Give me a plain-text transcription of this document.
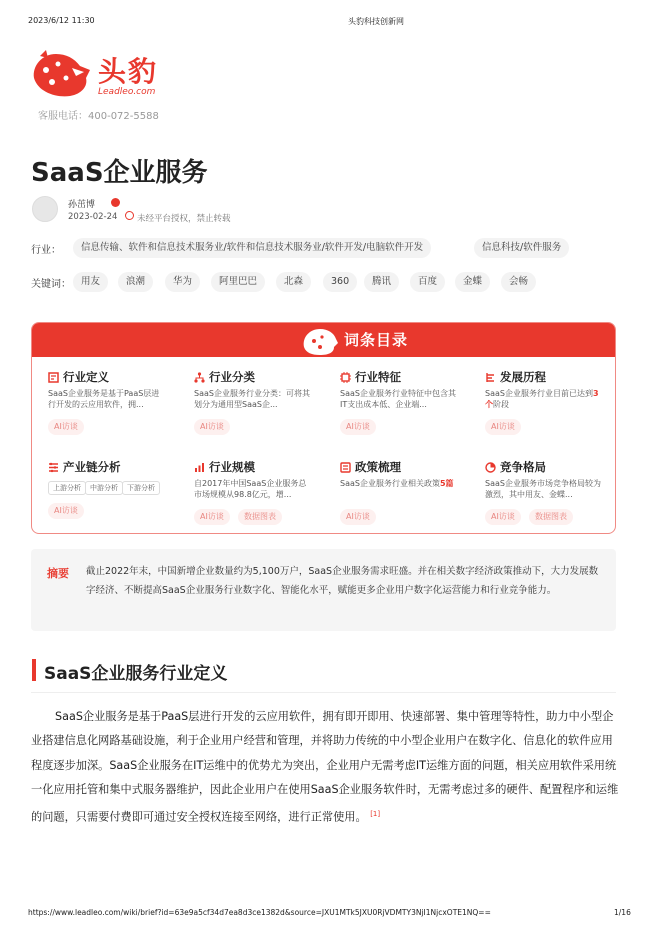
2023/6/12 11:30	头豹科技创新网
头豹
Leadleo.com
客服电话：400-072-5588
SaaS企业服务
孙茁博
2023-02-24 未经平台授权，禁止转载
行业：	信息传输、软件和信息技术服务业/软件和信息技术服务业/软件开发/电脑软件开发	信息科技/软件服务
关键词：	用友	浪潮	华为	阿里巴巴	北森	360	腾讯	百度	金蝶	会畅
词条目录
行业定义
SaaS企业服务是基于PaaS层进行开发的云应用软件，拥...
AI访谈
行业分类
SaaS企业服务行业分类：可将其划分为通用型SaaS企...
AI访谈
行业特征
SaaS企业服务行业特征中包含其IT支出成本低、企业端...
AI访谈
发展历程
SaaS企业服务行业目前已达到3个阶段
AI访谈
产业链分析
上游分析	中游分析	下游分析
AI访谈
行业规模
自2017年中国SaaS企业服务总市场规模从98.8亿元，增...
AI访谈	数据图表
政策梳理
SaaS企业服务行业相关政策5篇
AI访谈
竞争格局
SaaS企业服务市场竞争格局较为激烈，其中用友、金蝶...
AI访谈	数据图表
摘要 截止2022年末，中国新增企业数量约为5,100万户，SaaS企业服务需求旺盛。并在相关数字经济政策推动下，大力发展数字经济、不断提高SaaS企业服务行业数字化、智能化水平，赋能更多企业用户数字化运营能力和行业竞争能力。
SaaS企业服务行业定义

SaaS企业服务是基于PaaS层进行开发的云应用软件，拥有即开即用、快速部署、集中管理等特性，助力中小型企业搭建信息化网路基础设施，利于企业用户经营和管理，并将助力传统的中小型企业用户在数字化、信息化的软件应用程度逐步加深。SaaS企业服务在IT运维中的优势尤为突出，企业用户无需考虑IT运维方面的问题，相关应用软件采用统一化应用托管和集中式服务器维护，因此企业用户在使用SaaS企业服务软件时，无需考虑过多的硬件、配置程序和运维的问题，只需要付费即可通过安全授权连接至网络，进行正常使用。 [1]

https://www.leadleo.com/wiki/brief?id=63e9a5cf34d7ea8d3ce1382d&source=JXU1MTk5JXU0RjVDMTY3NjI1NjcxOTE1NQ==	1/16
